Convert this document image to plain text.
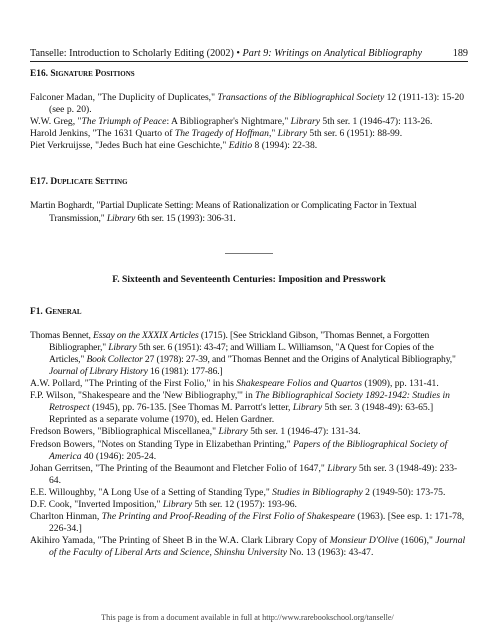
Tanselle: Introduction to Scholarly Editing (2002) • Part 9: Writings on Analytical Bibliography	189

E16. Signature Positions

Falconer Madan, "The Duplicity of Duplicates," Transactions of the Bibliographical Society 12 (1911-13): 15-20 (see p. 20).

W.W. Greg, "The Triumph of Peace: A Bibliographer's Nightmare," Library 5th ser. 1 (1946-47): 113-26.

Harold Jenkins, "The 1631 Quarto of The Tragedy of Hoffman," Library 5th ser. 6 (1951): 88-99.

Piet Verkruijsse, "Jedes Buch hat eine Geschichte," Editio 8 (1994): 22-38.

E17. Duplicate Setting

Martin Boghardt, "Partial Duplicate Setting: Means of Rationalization or Complicating Factor in Textual Transmission," Library 6th ser. 15 (1993): 306-31.

F. Sixteenth and Seventeenth Centuries: Imposition and Presswork

F1. General

Thomas Bennet, Essay on the XXXIX Articles (1715). [See Strickland Gibson, "Thomas Bennet, a Forgotten Bibliographer," Library 5th ser. 6 (1951): 43-47; and William L. Williamson, "A Quest for Copies of the Articles," Book Collector 27 (1978): 27-39, and "Thomas Bennet and the Origins of Analytical Bibliography," Journal of Library History 16 (1981): 177-86.]

A.W. Pollard, "The Printing of the First Folio," in his Shakespeare Folios and Quartos (1909), pp. 131-41.

F.P. Wilson, "Shakespeare and the 'New Bibliography,'" in The Bibliographical Society 1892-1942: Studies in Retrospect (1945), pp. 76-135. [See Thomas M. Parrott's letter, Library 5th ser. 3 (1948-49): 63-65.] Reprinted as a separate volume (1970), ed. Helen Gardner.

Fredson Bowers, "Bibliographical Miscellanea," Library 5th ser. 1 (1946-47): 131-34.

Fredson Bowers, "Notes on Standing Type in Elizabethan Printing," Papers of the Bibliographical Society of America 40 (1946): 205-24.

Johan Gerritsen, "The Printing of the Beaumont and Fletcher Folio of 1647," Library 5th ser. 3 (1948-49): 233-64.

E.E. Willoughby, "A Long Use of a Setting of Standing Type," Studies in Bibliography 2 (1949-50): 173-75.

D.F. Cook, "Inverted Imposition," Library 5th ser. 12 (1957): 193-96.

Charlton Hinman, The Printing and Proof-Reading of the First Folio of Shakespeare (1963). [See esp. 1: 171-78, 226-34.]

Akihiro Yamada, "The Printing of Sheet B in the W.A. Clark Library Copy of Monsieur D'Olive (1606)," Journal of the Faculty of Liberal Arts and Science, Shinshu University No. 13 (1963): 43-47.

This page is from a document available in full at http://www.rarebookschool.org/tanselle/
